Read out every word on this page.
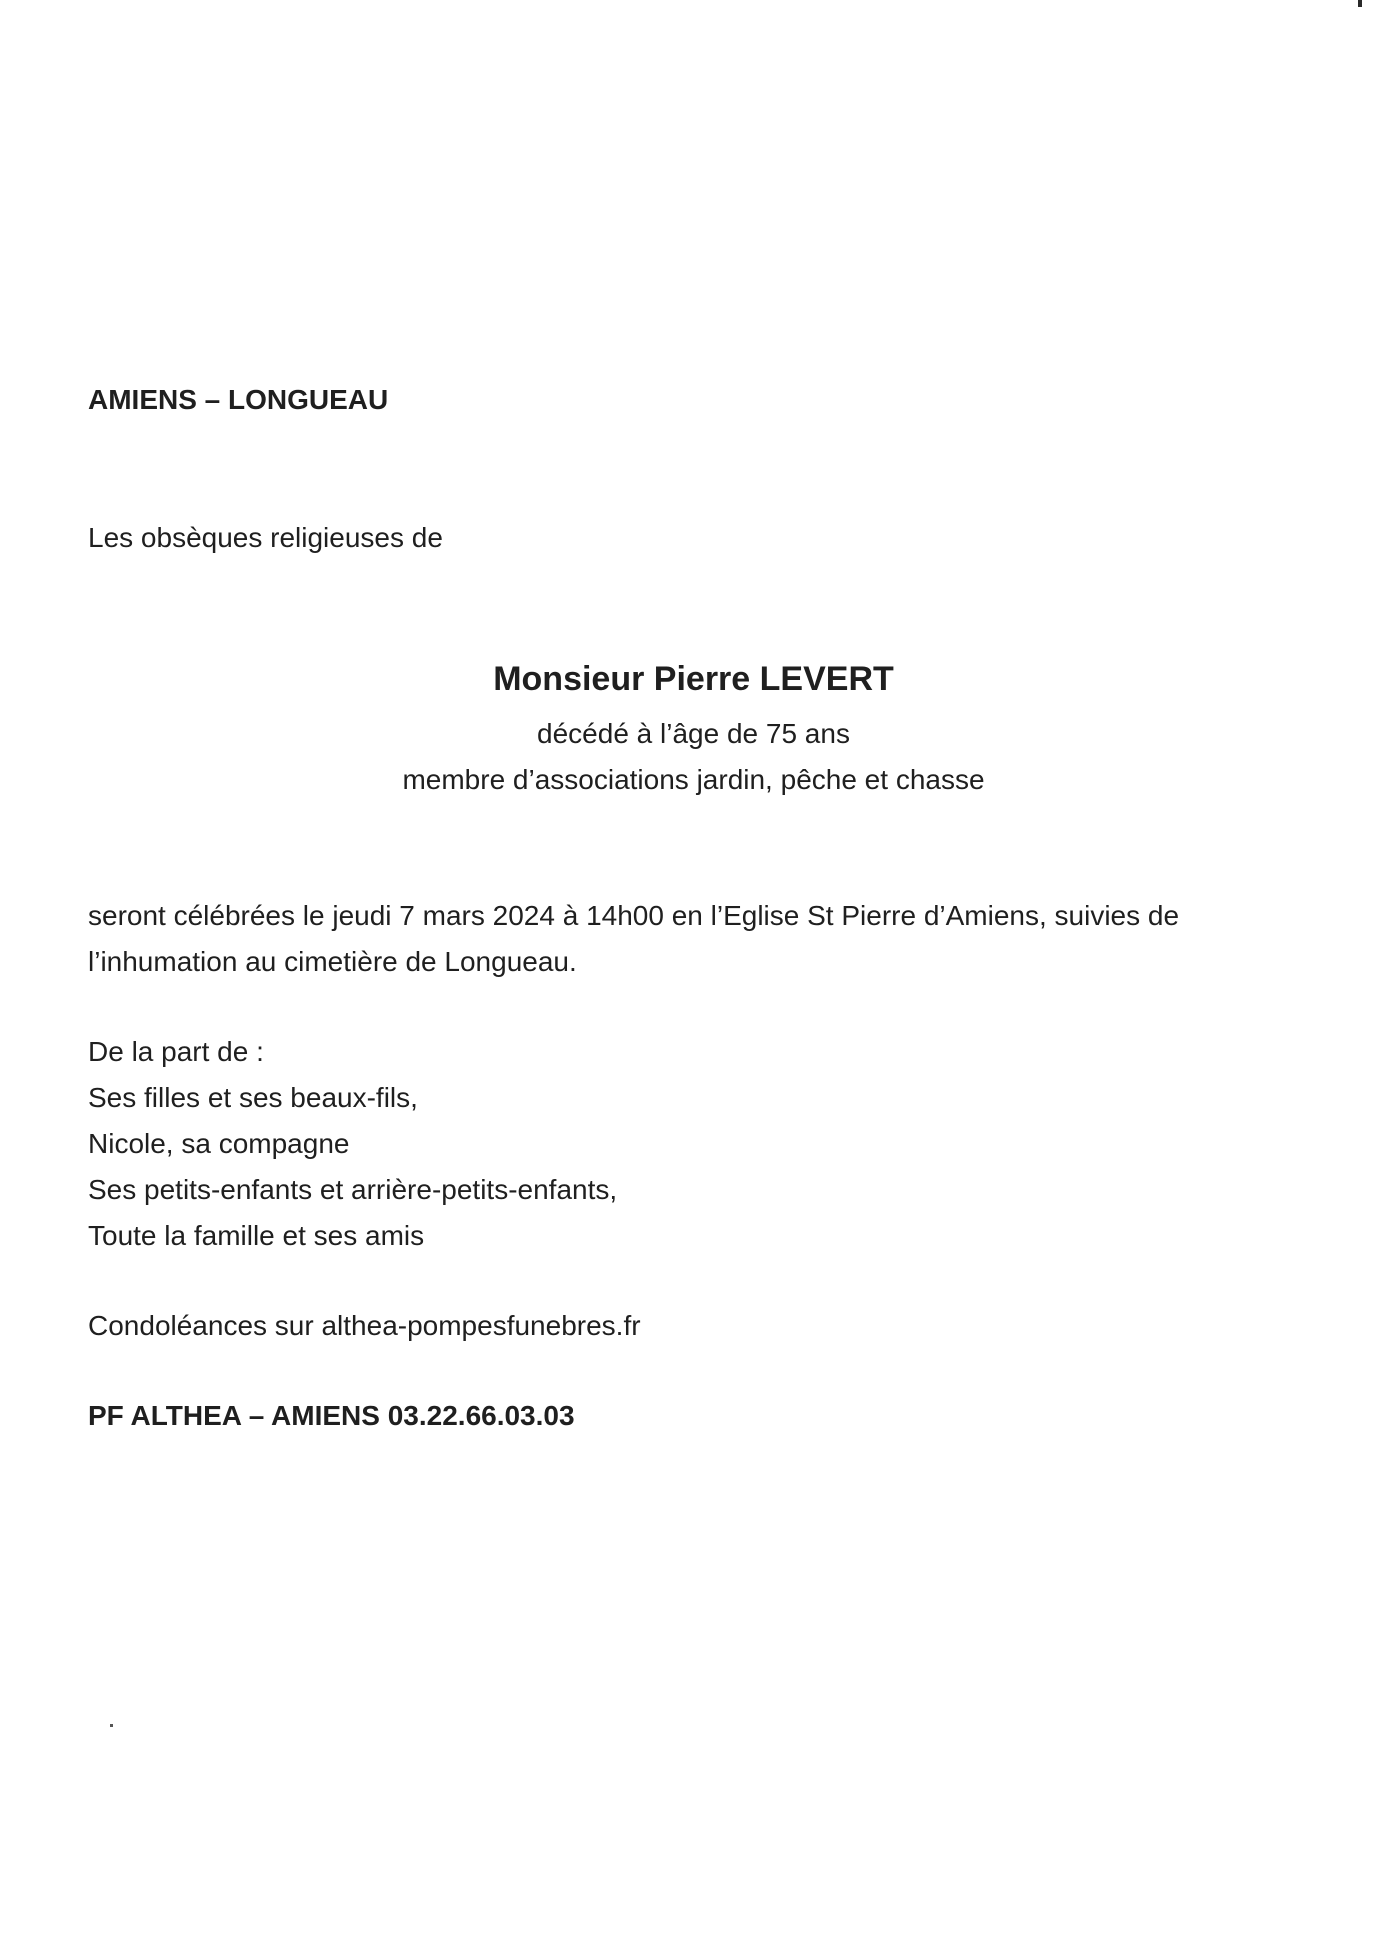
AMIENS – LONGUEAU
Les obsèques religieuses de
Monsieur Pierre LEVERT
décédé à l’âge de 75 ans
membre d’associations jardin, pêche et chasse
seront célébrées le jeudi 7 mars 2024 à 14h00 en l’Eglise St Pierre d’Amiens, suivies de
l’inhumation au cimetière de Longueau.
De la part de :
Ses filles et ses beaux-fils,
Nicole, sa compagne
Ses petits-enfants et arrière-petits-enfants,
Toute la famille et ses amis
Condoléances sur althea-pompesfunebres.fr
PF ALTHEA – AMIENS 03.22.66.03.03
